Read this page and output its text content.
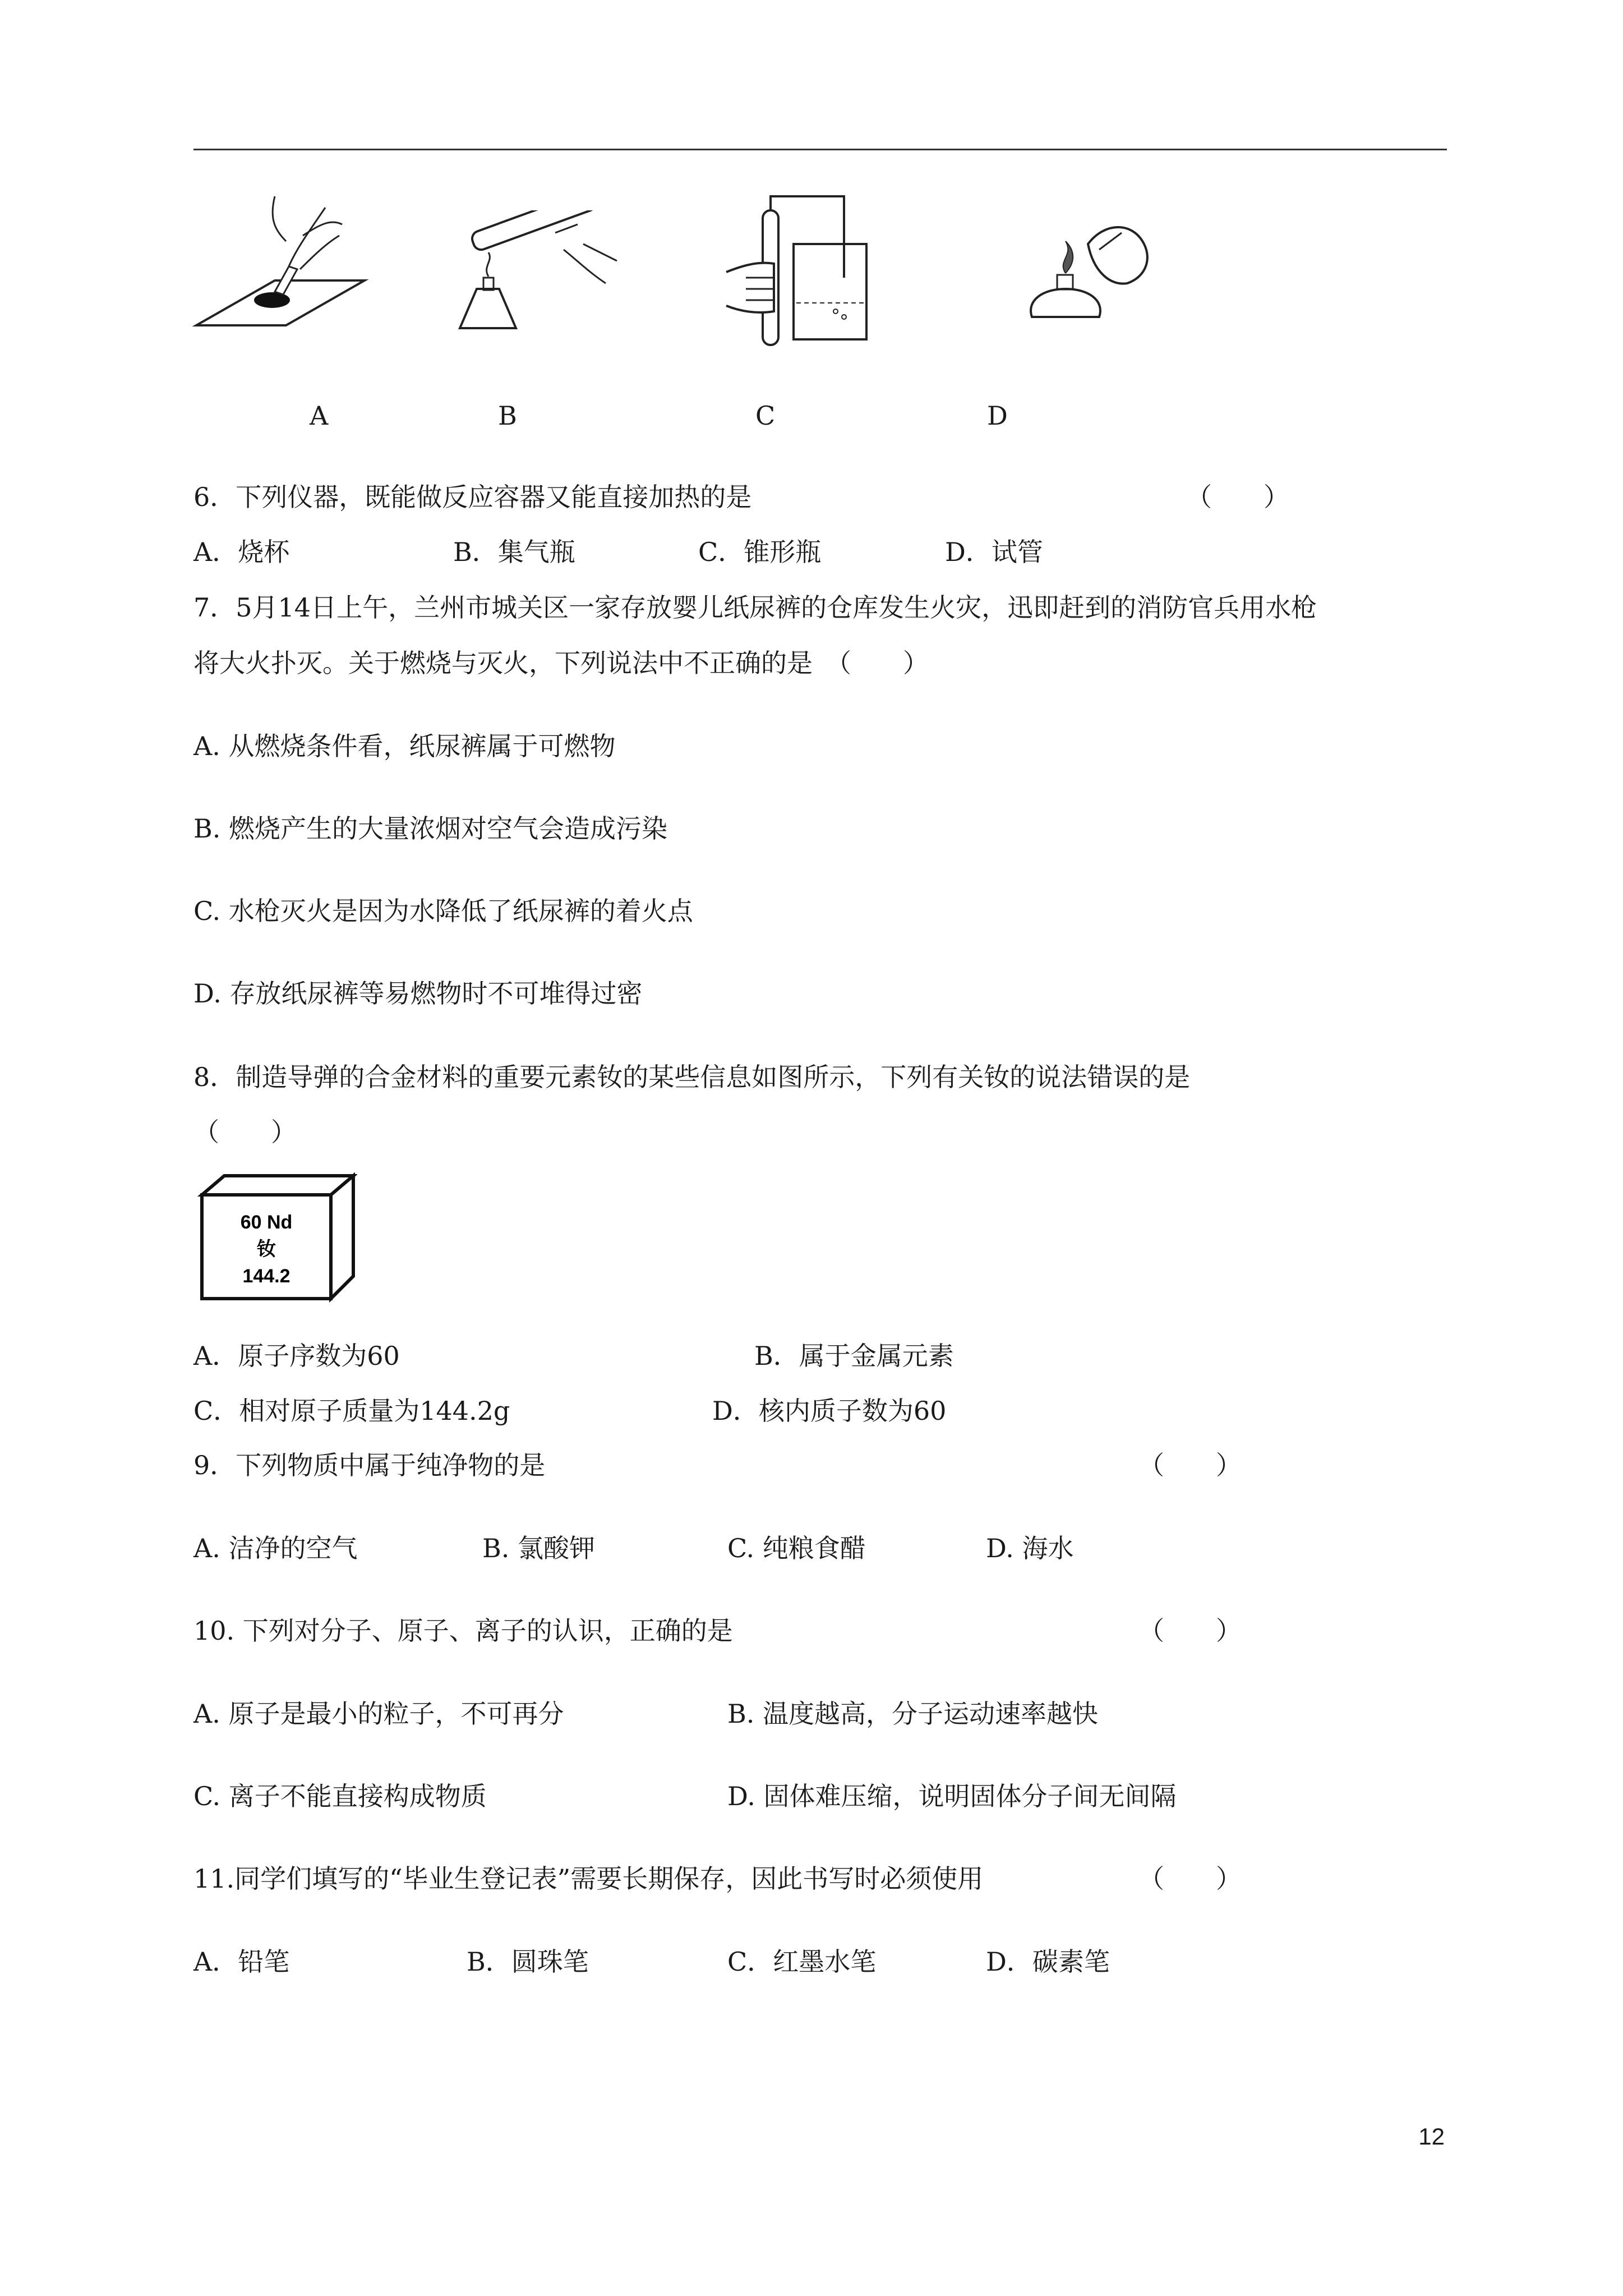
A	B	C	D
6．下列仪器，既能做反应容器又能直接加热的是	（　　）
A．烧杯	B．集气瓶	C．锥形瓶	D．试管
7．5月14日上午，兰州市城关区一家存放婴儿纸尿裤的仓库发生火灾，迅即赶到的消防官兵用水枪
将大火扑灭。关于燃烧与灭火，下列说法中不正确的是　（　　）
A. 从燃烧条件看，纸尿裤属于可燃物
B. 燃烧产生的大量浓烟对空气会造成污染
C. 水枪灭火是因为水降低了纸尿裤的着火点
D. 存放纸尿裤等易燃物时不可堆得过密
8．制造导弹的合金材料的重要元素钕的某些信息如图所示，下列有关钕的说法错误的是
（　　）
60 Nd
钕
144.2
A．原子序数为60	B．属于金属元素
C．相对原子质量为144.2g	D．核内质子数为60
9．下列物质中属于纯净物的是	（　　）
A. 洁净的空气	B. 氯酸钾	C. 纯粮食醋	D. 海水
10. 下列对分子、原子、离子的认识，正确的是	（　　）
A. 原子是最小的粒子，不可再分	B. 温度越高，分子运动速率越快
C. 离子不能直接构成物质	D. 固体难压缩，说明固体分子间无间隔
11.同学们填写的“毕业生登记表”需要长期保存，因此书写时必须使用	（　　）
A．铅笔	B．圆珠笔	C．红墨水笔	D．碳素笔
12
